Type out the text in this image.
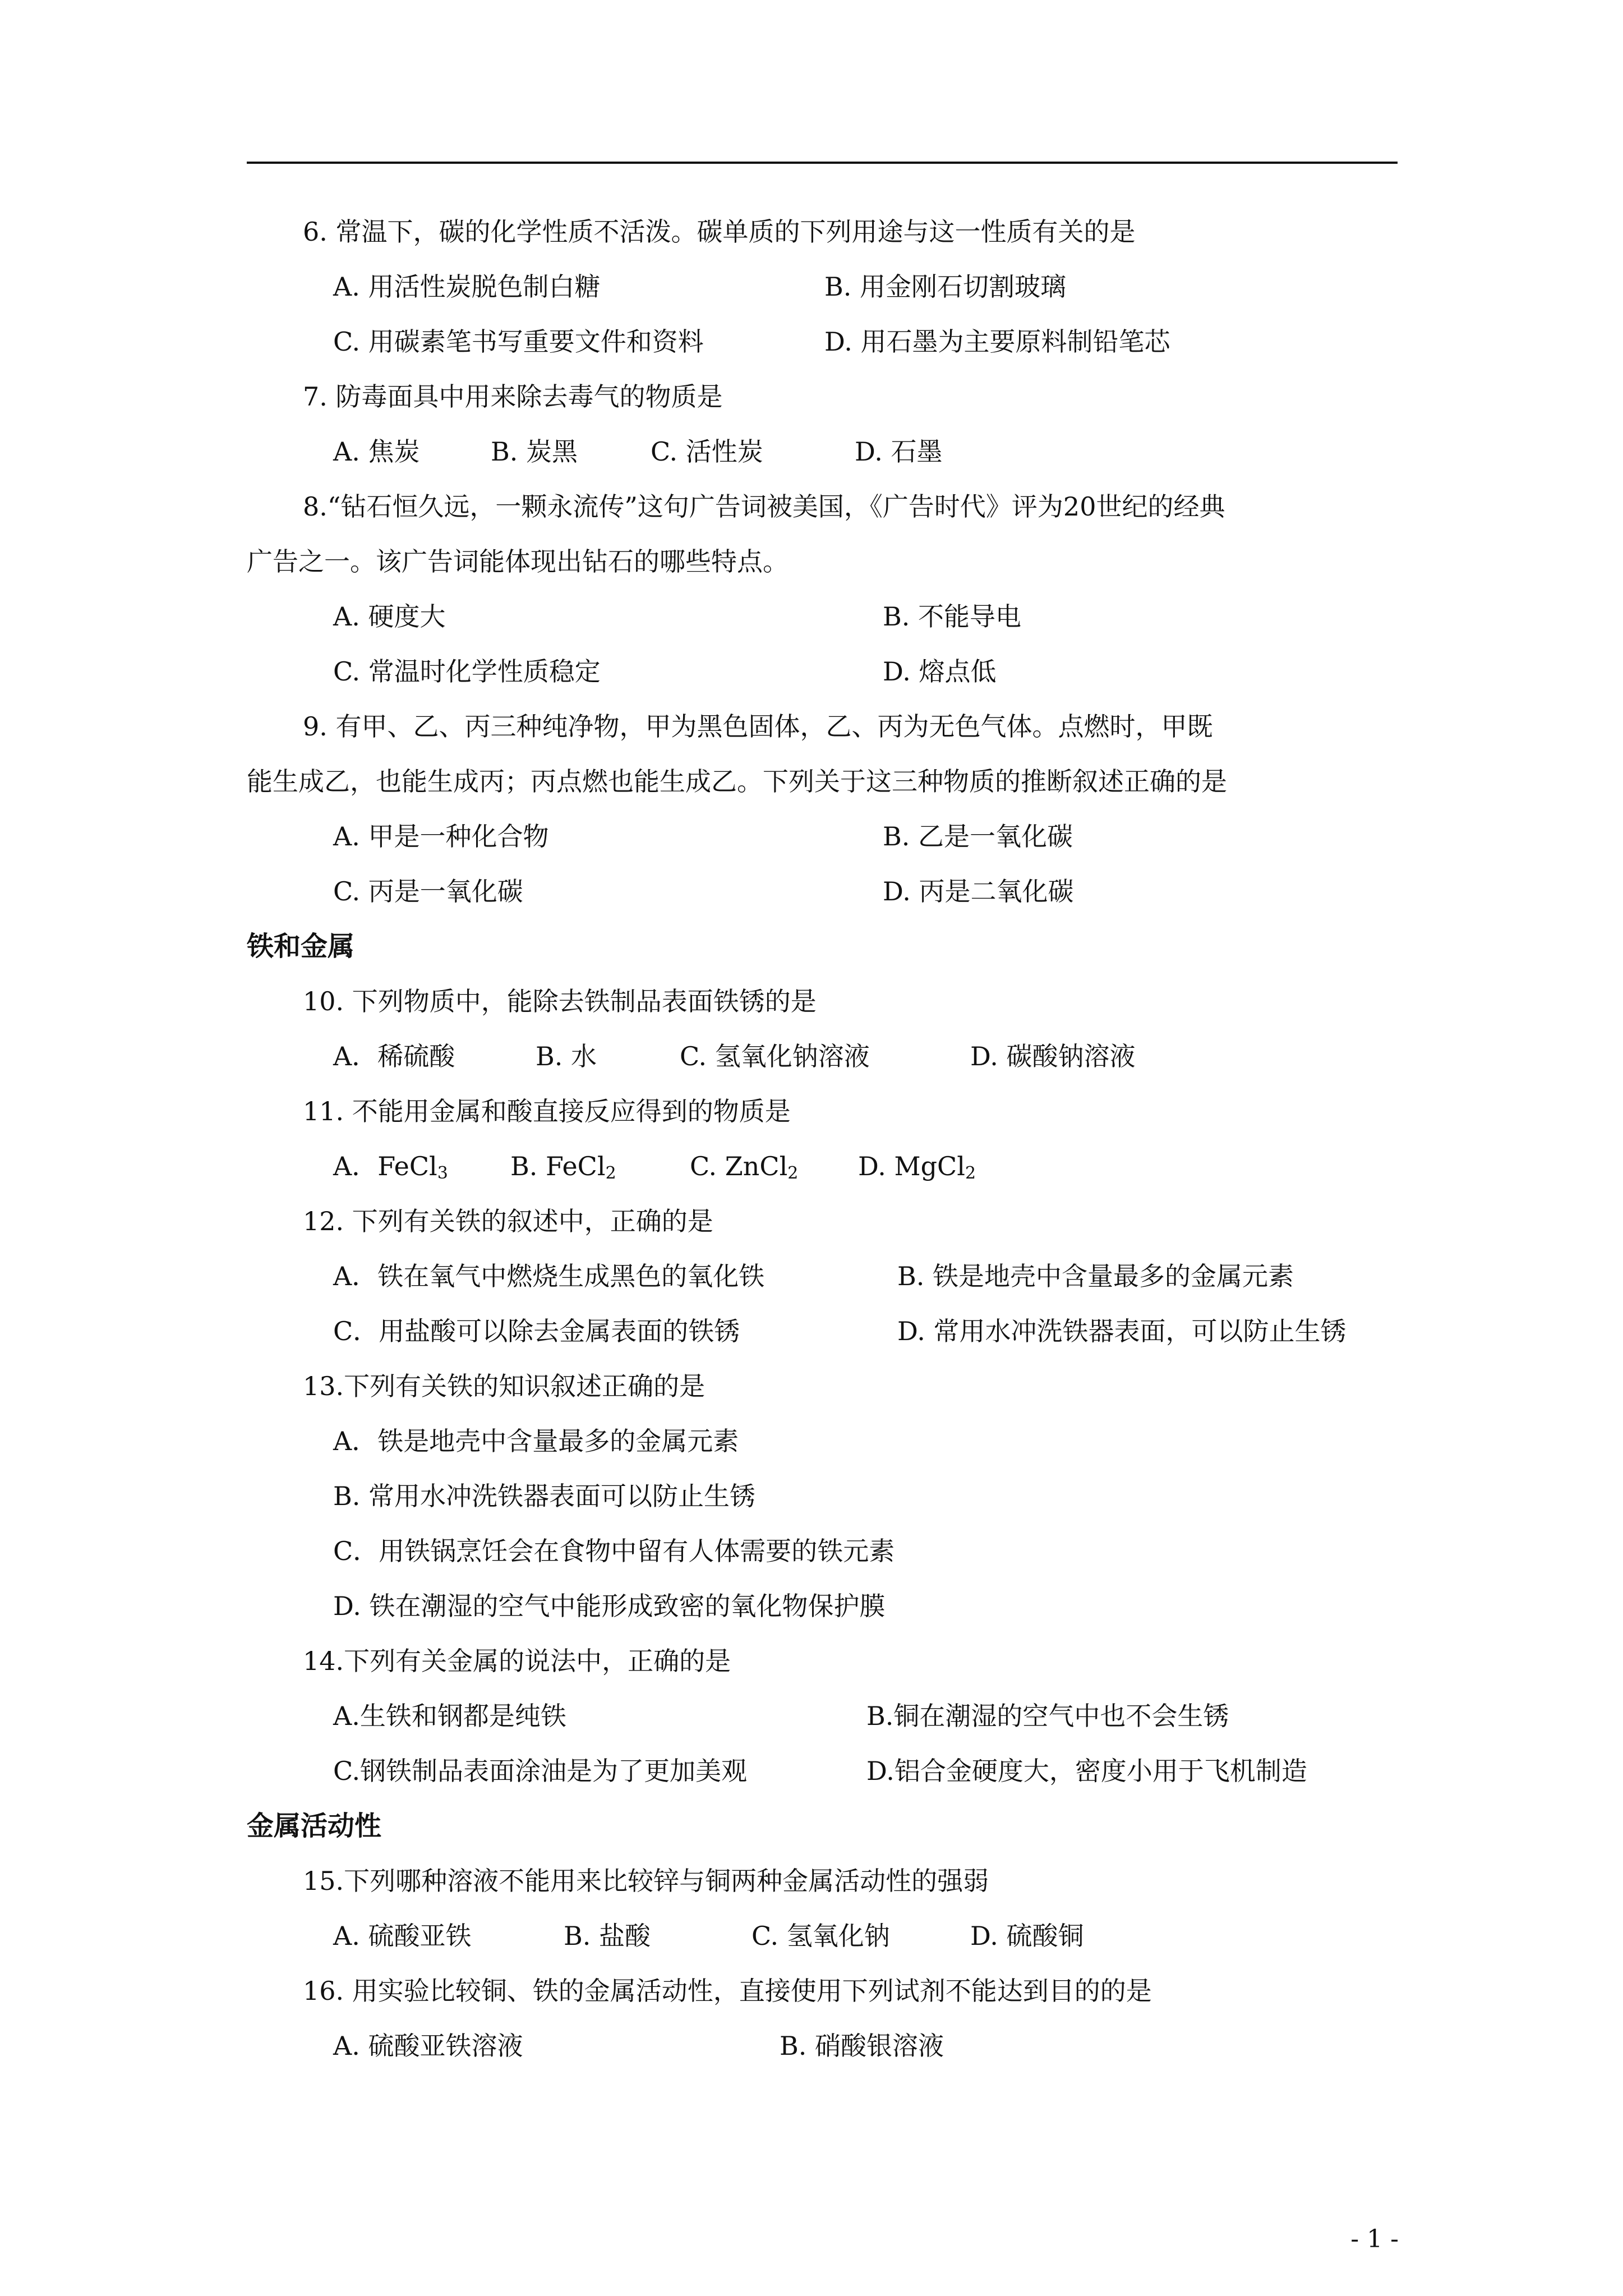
6. 常温下，碳的化学性质不活泼。碳单质的下列用途与这一性质有关的是
A. 用活性炭脱色制白糖	B. 用金刚石切割玻璃
C. 用碳素笔书写重要文件和资料	D. 用石墨为主要原料制铅笔芯
7. 防毒面具中用来除去毒气的物质是
A. 焦炭	B. 炭黑	C. 活性炭	D. 石墨
8.“钻石恒久远，一颗永流传”这句广告词被美国，《广告时代》评为20世纪的经典
广告之一。该广告词能体现出钻石的哪些特点。
A. 硬度大	B. 不能导电
C. 常温时化学性质稳定	D. 熔点低
9. 有甲、乙、丙三种纯净物，甲为黑色固体，乙、丙为无色气体。点燃时，甲既
能生成乙，也能生成丙；丙点燃也能生成乙。下列关于这三种物质的推断叙述正确的是
A. 甲是一种化合物	B. 乙是一氧化碳
C. 丙是一氧化碳	D. 丙是二氧化碳
铁和金属
10. 下列物质中，能除去铁制品表面铁锈的是
A．稀硫酸	B. 水	C. 氢氧化钠溶液	D. 碳酸钠溶液
11. 不能用金属和酸直接反应得到的物质是
A．FeCl$_3$ B. FeCl$_2$	C. ZnCl$_2$ D. MgCl$_2$
12. 下列有关铁的叙述中，正确的是
A．铁在氧气中燃烧生成黑色的氧化铁	B. 铁是地壳中含量最多的金属元素
C．用盐酸可以除去金属表面的铁锈	D. 常用水冲洗铁器表面，可以防止生锈
13.下列有关铁的知识叙述正确的是
A．铁是地壳中含量最多的金属元素
B. 常用水冲洗铁器表面可以防止生锈
C．用铁锅烹饪会在食物中留有人体需要的铁元素
D. 铁在潮湿的空气中能形成致密的氧化物保护膜
14.下列有关金属的说法中，正确的是
A.生铁和钢都是纯铁	B.铜在潮湿的空气中也不会生锈
C.钢铁制品表面涂油是为了更加美观	D.铝合金硬度大，密度小用于飞机制造
金属活动性
15.下列哪种溶液不能用来比较锌与铜两种金属活动性的强弱
A. 硫酸亚铁	B. 盐酸	C. 氢氧化钠	D. 硫酸铜
16. 用实验比较铜、铁的金属活动性，直接使用下列试剂不能达到目的的是
A. 硫酸亚铁溶液	B. 硝酸银溶液
- 1 -
